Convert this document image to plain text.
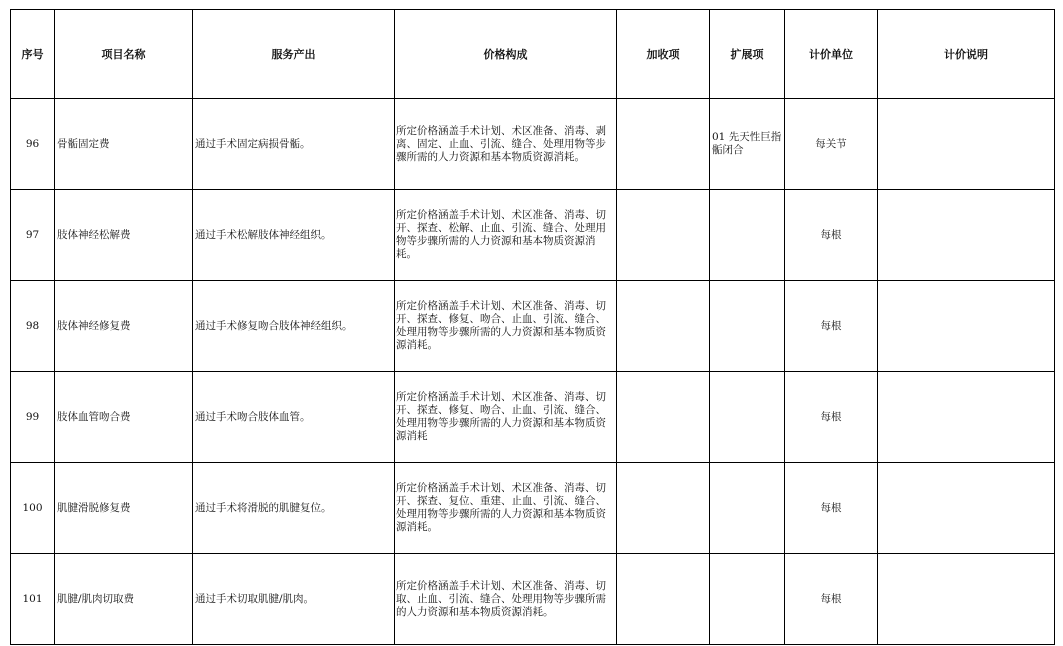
序号	项目名称	服务产出	价格构成	加收项	扩展项	计价单位	计价说明
96	骨骺固定费	通过手术固定病损骨骺。	所定价格涵盖手术计划、术区准备、消毒、剥离、固定、止血、引流、缝合、处理用物等步骤所需的人力资源和基本物质资源消耗。		01 先天性巨指骺闭合	每关节	
97	肢体神经松解费	通过手术松解肢体神经组织。	所定价格涵盖手术计划、术区准备、消毒、切开、探查、松解、止血、引流、缝合、处理用物等步骤所需的人力资源和基本物质资源消耗。			每根	
98	肢体神经修复费	通过手术修复吻合肢体神经组织。	所定价格涵盖手术计划、术区准备、消毒、切开、探查、修复、吻合、止血、引流、缝合、处理用物等步骤所需的人力资源和基本物质资源消耗。			每根	
99	肢体血管吻合费	通过手术吻合肢体血管。	所定价格涵盖手术计划、术区准备、消毒、切开、探查、修复、吻合、止血、引流、缝合、处理用物等步骤所需的人力资源和基本物质资源消耗			每根	
100	肌腱滑脱修复费	通过手术将滑脱的肌腱复位。	所定价格涵盖手术计划、术区准备、消毒、切开、探查、复位、重建、止血、引流、缝合、处理用物等步骤所需的人力资源和基本物质资源消耗。			每根	
101	肌腱/肌肉切取费	通过手术切取肌腱/肌肉。	所定价格涵盖手术计划、术区准备、消毒、切取、止血、引流、缝合、处理用物等步骤所需的人力资源和基本物质资源消耗。			每根	
